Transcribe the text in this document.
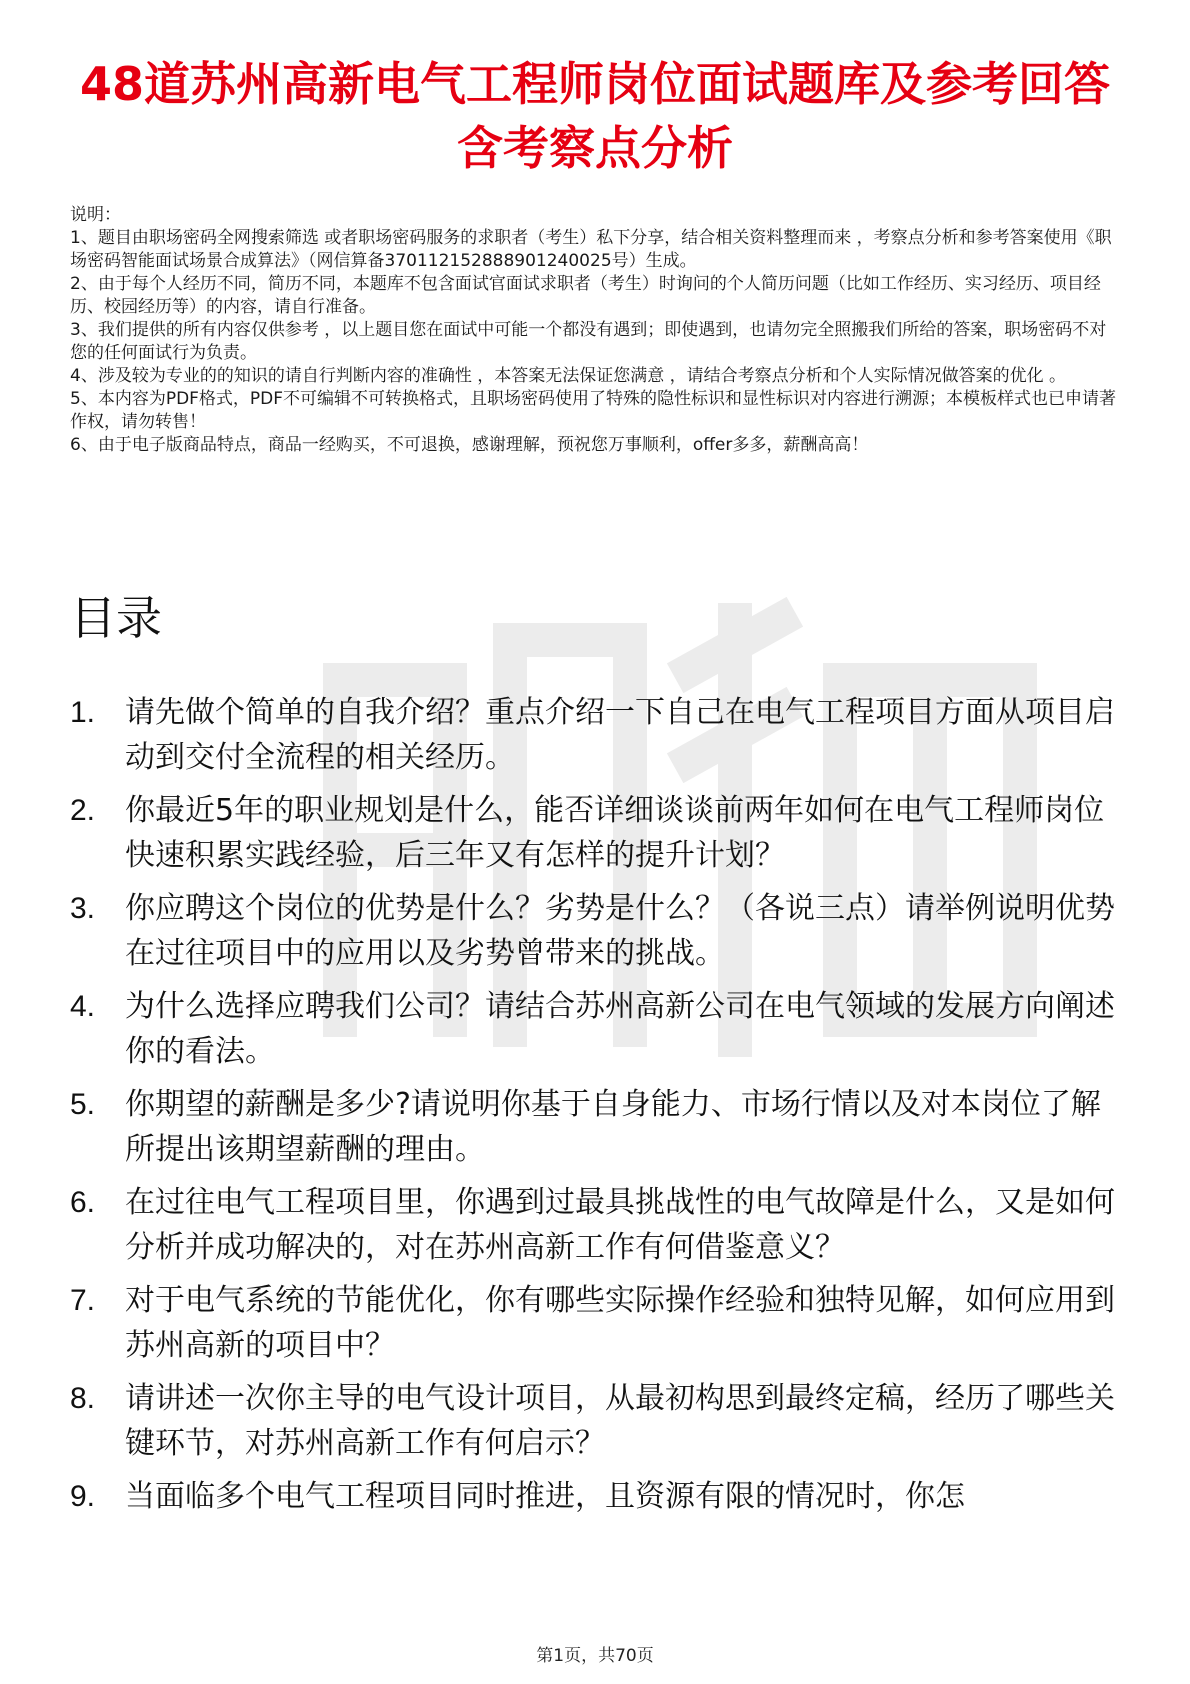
48道苏州高新电气工程师岗位面试题库及参考回答含考察点分析

说明：

1、题目由职场密码全网搜索筛选 或者职场密码服务的求职者（考生）私下分享，结合相关资料整理而来 ，考察点分析和参考答案使用《职场密码智能面试场景合成算法》（网信算备370112152888901240025号）生成。

2、由于每个人经历不同，简历不同，本题库不包含面试官面试求职者（考生）时询问的个人简历问题（比如工作经历、实习经历、项目经历、校园经历等）的内容，请自行准备。

3、我们提供的所有内容仅供参考 ，以上题目您在面试中可能一个都没有遇到；即使遇到，也请勿完全照搬我们所给的答案，职场密码不对您的任何面试行为负责。

4、涉及较为专业的的知识的请自行判断内容的准确性 ，本答案无法保证您满意 ，请结合考察点分析和个人实际情况做答案的优化 。

5、本内容为PDF格式，PDF不可编辑不可转换格式，且职场密码使用了特殊的隐性标识和显性标识对内容进行溯源；本模板样式也已申请著作权，请勿转售！

6、由于电子版商品特点，商品一经购买，不可退换，感谢理解，预祝您万事顺利，offer多多，薪酬高高！

目录
1. 请先做个简单的自我介绍？重点介绍一下自己在电气工程项目方面从项目启动到交付全流程的相关经历。
2. 你最近5年的职业规划是什么，能否详细谈谈前两年如何在电气工程师岗位快速积累实践经验，后三年又有怎样的提升计划？
3. 你应聘这个岗位的优势是什么？劣势是什么？（各说三点）请举例说明优势在过往项目中的应用以及劣势曾带来的挑战。
4. 为什么选择应聘我们公司？请结合苏州高新公司在电气领域的发展方向阐述你的看法。
5. 你期望的薪酬是多少?请说明你基于自身能力、市场行情以及对本岗位了解所提出该期望薪酬的理由。
6. 在过往电气工程项目里，你遇到过最具挑战性的电气故障是什么，又是如何分析并成功解决的，对在苏州高新工作有何借鉴意义？
7. 对于电气系统的节能优化，你有哪些实际操作经验和独特见解，如何应用到苏州高新的项目中？
8. 请讲述一次你主导的电气设计项目，从最初构思到最终定稿，经历了哪些关键环节，对苏州高新工作有何启示？
9. 当面临多个电气工程项目同时推进，且资源有限的情况时，你怎
第1页，共70页
